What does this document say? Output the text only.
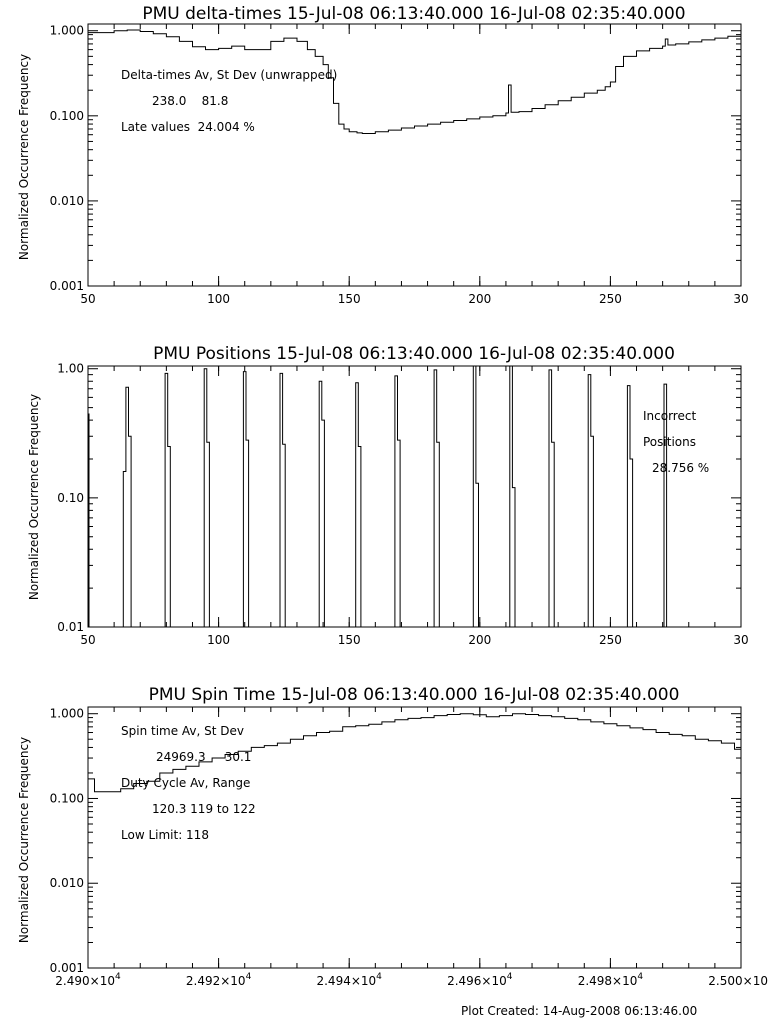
PMU delta-times 15-Jul-08 06:13:40.000 16-Jul-08 02:35:40.000
Normalized Occurrence Frequency	Delta-times Av, St Dev (unwrapped)
238.0    81.8
Late values  24.004 %
0.001
0.010
0.100
1.000
50	100	150	200	250	30
PMU Positions 15-Jul-08 06:13:40.000 16-Jul-08 02:35:40.000
Normalized Occurrence Frequency	Incorrect
Positions
28.756 %
0.01
0.10
1.00
50	100	150	200	250	30
PMU Spin Time 15-Jul-08 06:13:40.000 16-Jul-08 02:35:40.000
Normalized Occurrence Frequency
Spin time Av, St Dev
24969.3     30.1
Duty Cycle Av, Range
120.3 119 to 122
Low Limit: 118
0.001
0.010
0.100
1.000
$2.490\times 10^4$	$2.492\times 10^4$	$2.494\times 10^4$	$2.496\times 10^4$	$2.498\times 10^4$	2.500×10
Plot Created: 14-Aug-2008 06:13:46.00
